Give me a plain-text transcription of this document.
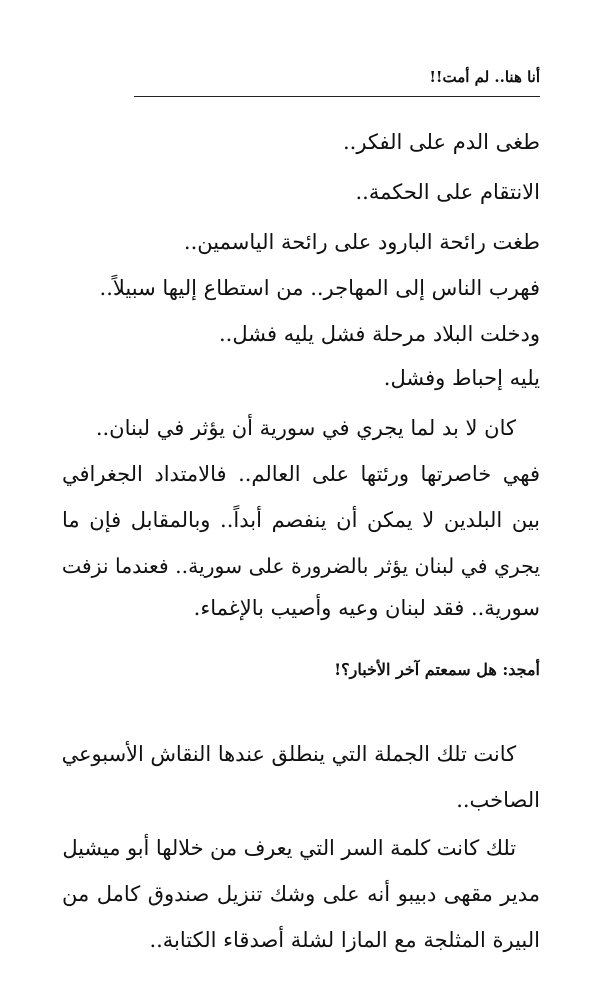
أنا هنا.. لم أمت!!
طغى الدم على الفكر..
الانتقام على الحكمة..
طغت رائحة البارود على رائحة الياسمين..
فهرب الناس إلى المهاجر.. من استطاع إليها سبيلاً..
ودخلت البلاد مرحلة فشل يليه فشل..
يليه إحباط وفشل.
كان لا بد لما يجري في سورية أن يؤثر في لبنان..
فهي خاصرتها ورئتها على العالم.. فالامتداد الجغرافي
بين البلدين لا يمكن أن ينفصم أبداً.. وبالمقابل فإن ما
يجري في لبنان يؤثر بالضرورة على سورية.. فعندما نزفت
سورية.. فقد لبنان وعيه وأصيب بالإغماء.
أمجد: هل سمعتم آخر الأخبار؟!
كانت تلك الجملة التي ينطلق عندها النقاش الأسبوعي
الصاخب..
تلك كانت كلمة السر التي يعرف من خلالها أبو ميشيل
مدير مقهى دبيبو أنه على وشك تنزيل صندوق كامل من
البيرة المثلجة مع المازا لشلة أصدقاء الكتابة..
